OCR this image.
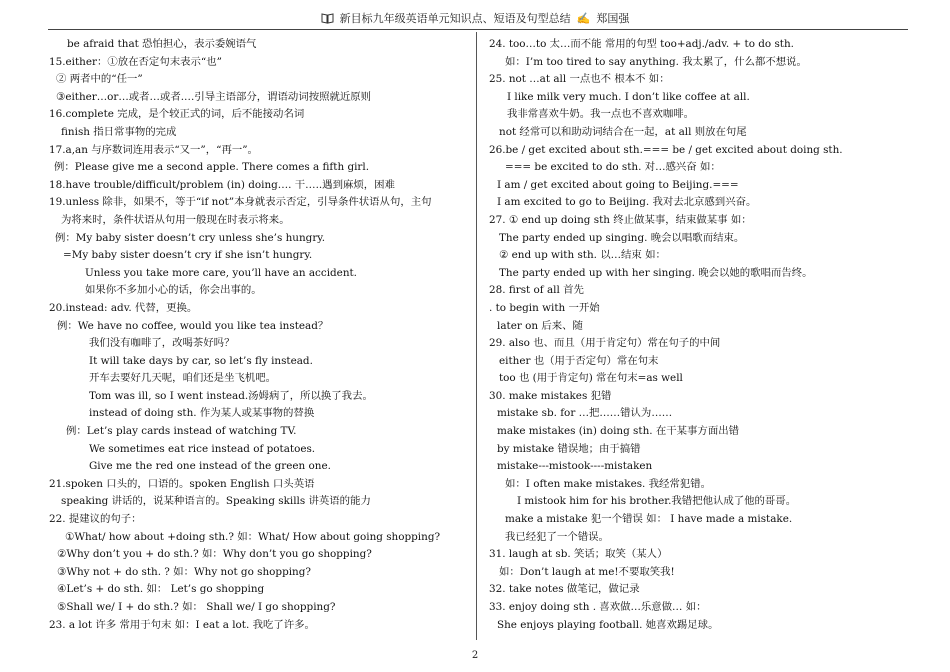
新目标九年级英语单元知识点、短语及句型总结 ✍ 郑国强
be afraid that 恐怕担心，表示委婉语气
15.either：①放在否定句末表示“也”
② 两者中的“任一”
③either…or…或者…或者.…引导主语部分，谓语动词按照就近原则
16.complete 完成，是个较正式的词，后不能接动名词
finish 指日常事物的完成
17.a,an 与序数词连用表示“又一”，“再一”。
例：Please give me a second apple. There comes a fifth girl.
18.have trouble/difficult/problem (in) doing…. 干…..遇到麻烦，困难
19.unless 除非，如果不，等于“if not”本身就表示否定，引导条件状语从句，主句
为将来时，条件状语从句用一般现在时表示将来。
例：My baby sister doesn’t cry unless she’s hungry.
=My baby sister doesn’t cry if she isn’t hungry.
Unless you take more care, you’ll have an accident.
如果你不多加小心的话，你会出事的。
20.instead: adv. 代替，更换。
例：We have no coffee, would you like tea instead？
我们没有咖啡了，改喝茶好吗？
It will take days by car, so let’s fly instead.
开车去要好几天呢，咱们还是坐飞机吧。
Tom was ill, so I went instead.汤姆病了，所以换了我去。
instead of doing sth. 作为某人或某事物的替换
例：Let’s play cards instead of watching TV.
We sometimes eat rice instead of potatoes.
Give me the red one instead of the green one.
21.spoken 口头的，口语的。spoken English 口头英语
speaking 讲话的，说某种语言的。Speaking skills 讲英语的能力
22. 提建议的句子：
①What/ how about +doing sth.? 如：What/ How about going shopping?
②Why don’t you + do sth.? 如：Why don’t you go shopping?
③Why not + do sth. ? 如：Why not go shopping?
④Let’s + do sth. 如： Let’s go shopping
⑤Shall we/ I + do sth.? 如： Shall we/ I go shopping?
23. a lot 许多 常用于句末 如：I eat a lot. 我吃了许多。
24. too…to 太…而不能 常用的句型 too+adj./adv. + to do sth.
如：I’m too tired to say anything. 我太累了，什么都不想说。
25. not …at all 一点也不 根本不 如：
I like milk very much. I don’t like coffee at all.
我非常喜欢牛奶。我一点也不喜欢咖啡。
not 经常可以和助动词结合在一起，at all 则放在句尾
26.be / get excited about sth.=== be / get excited about doing sth.
=== be excited to do sth. 对…感兴奋 如：
I am / get excited about going to Beijing.===
I am excited to go to Beijing. 我对去北京感到兴奋。
27. ① end up doing sth 终止做某事，结束做某事 如：
The party ended up singing. 晚会以唱歌而结束。
② end up with sth. 以…结束 如：
The party ended up with her singing. 晚会以她的歌唱而告终。
28. first of all 首先
. to begin with 一开始
later on 后来、随
29. also 也、而且（用于肯定句）常在句子的中间
either 也（用于否定句）常在句末
too 也 (用于肯定句) 常在句末=as well
30. make mistakes 犯错
mistake sb. for …把……错认为……
make mistakes (in) doing sth. 在干某事方面出错
by mistake 错误地；由于搞错
mistake---mistook----mistaken
如：I often make mistakes. 我经常犯错。
I mistook him for his brother.我错把他认成了他的哥哥。
make a mistake 犯一个错误 如： I have made a mistake.
我已经犯了一个错误。
31. laugh at sb. 笑话；取笑（某人）
如：Don’t laugh at me!不要取笑我!
32. take notes 做笔记，做记录
33. enjoy doing sth . 喜欢做…乐意做… 如：
She enjoys playing football. 她喜欢踢足球。
2
